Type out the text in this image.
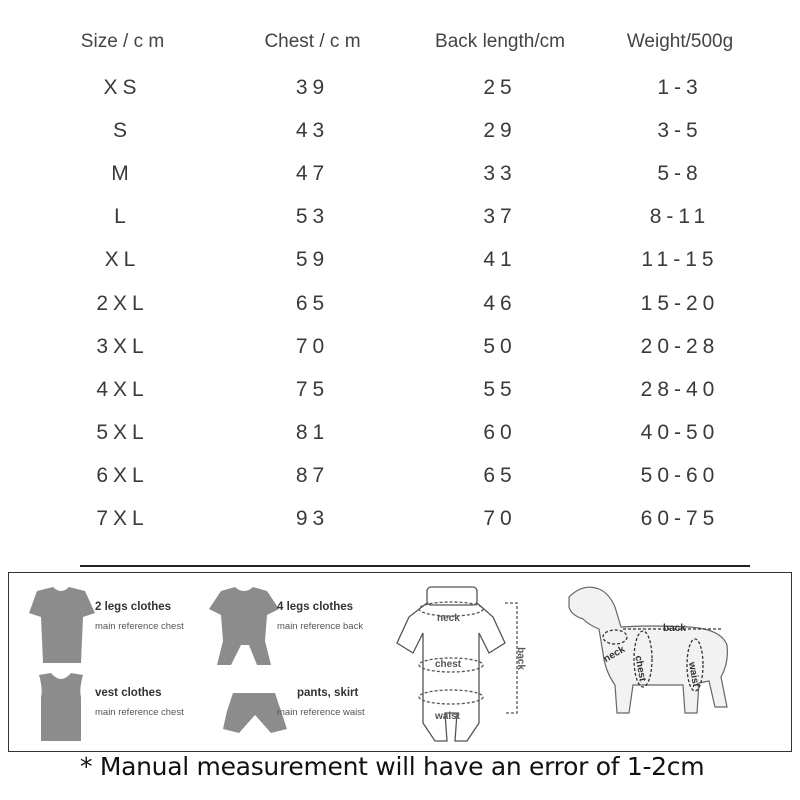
Size / c m	Chest / c m	Back length/cm	Weight/500g
XS	39	25	1-3
S	43	29	3-5
M	47	33	5-8
L	53	37	8-11
XL	59	41	11-15
2XL	65	46	15-20
3XL	70	50	20-28
4XL	75	55	28-40
5XL	81	60	40-50
6XL	87	65	50-60
7XL	93	70	60-75
2 legs clothes
main reference chest
4 legs clothes
main reference back
vest clothes
main reference chest
pants, skirt
main reference waist
neck
chest
waist
back	neck
chest	waist
back
* Manual measurement will have an error of 1-2cm
